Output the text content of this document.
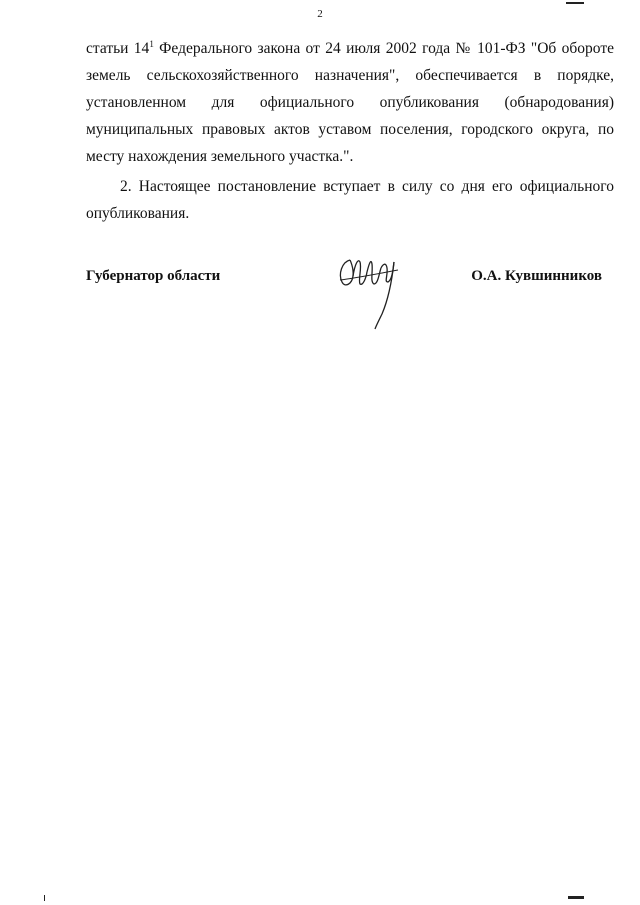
2

статьи $14^1$ Федерального закона от 24 июля 2002 года № 101-ФЗ "Об обороте земель сельскохозяйственного назначения", обеспечивается в порядке, установленном для официального опубликования (обнародования) муниципальных правовых актов уставом поселения, городского округа, по месту нахождения земельного участка.".

2. Настоящее постановление вступает в силу со дня его официального опубликования.

Губернатор области	О.А. Кувшинников
